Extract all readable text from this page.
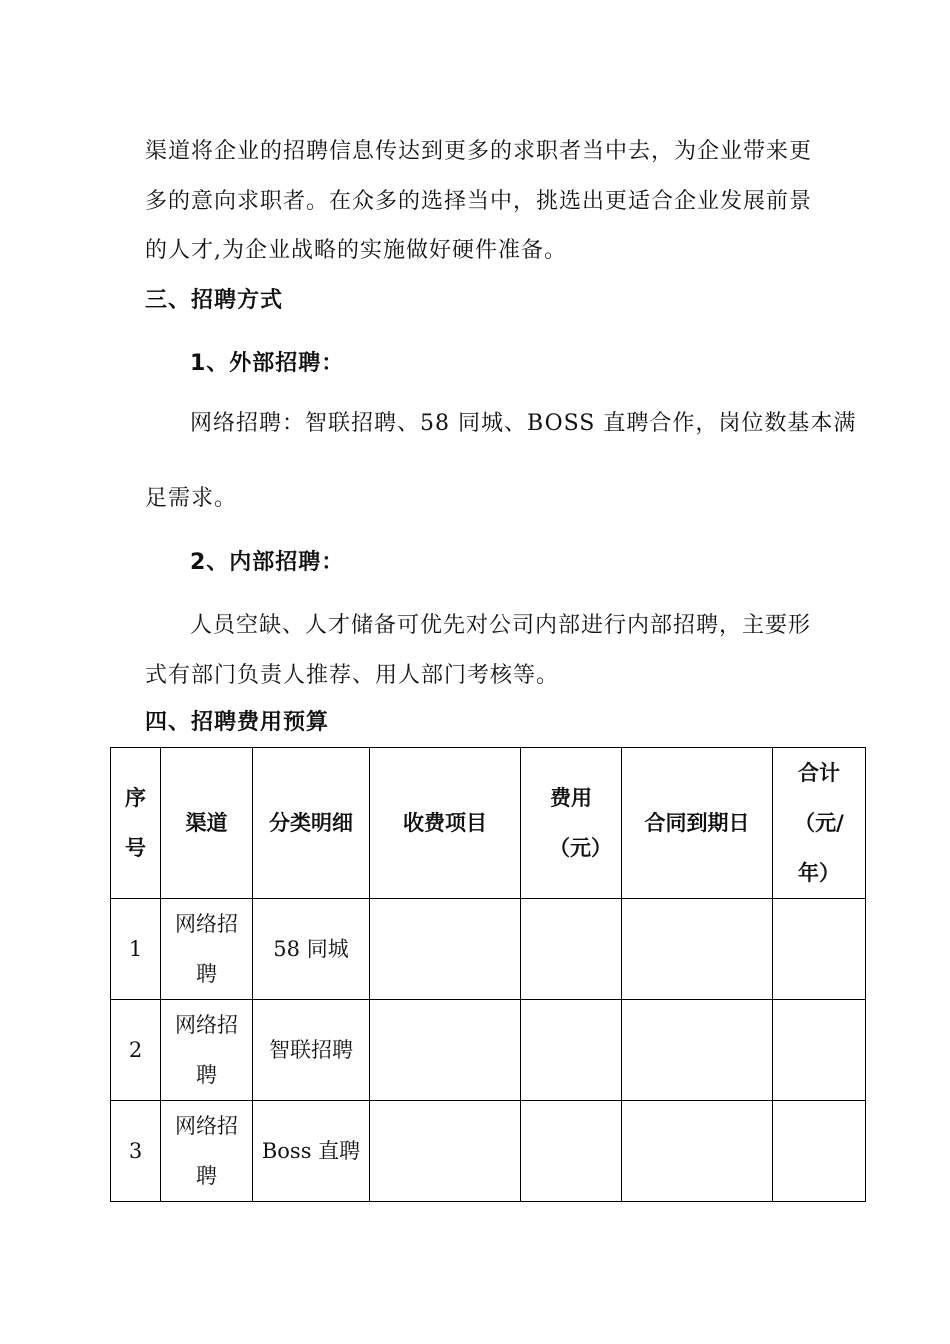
渠道将企业的招聘信息传达到更多的求职者当中去，为企业带来更
多的意向求职者。在众多的选择当中，挑选出更适合企业发展前景
的人才,为企业战略的实施做好硬件准备。
三、招聘方式
1、外部招聘：
网络招聘：智联招聘、58 同城、BOSS 直聘合作，岗位数基本满
足需求。
2、内部招聘：
人员空缺、人才储备可优先对公司内部进行内部招聘，主要形
式有部门负责人推荐、用人部门考核等。
四、招聘费用预算
序号	渠道	分类明细	收费项目	费用（元）	合同到期日	合计（元/年）

1	网络招聘	58 同城				
2	网络招聘	智联招聘				
3	网络招聘	Boss 直聘				
